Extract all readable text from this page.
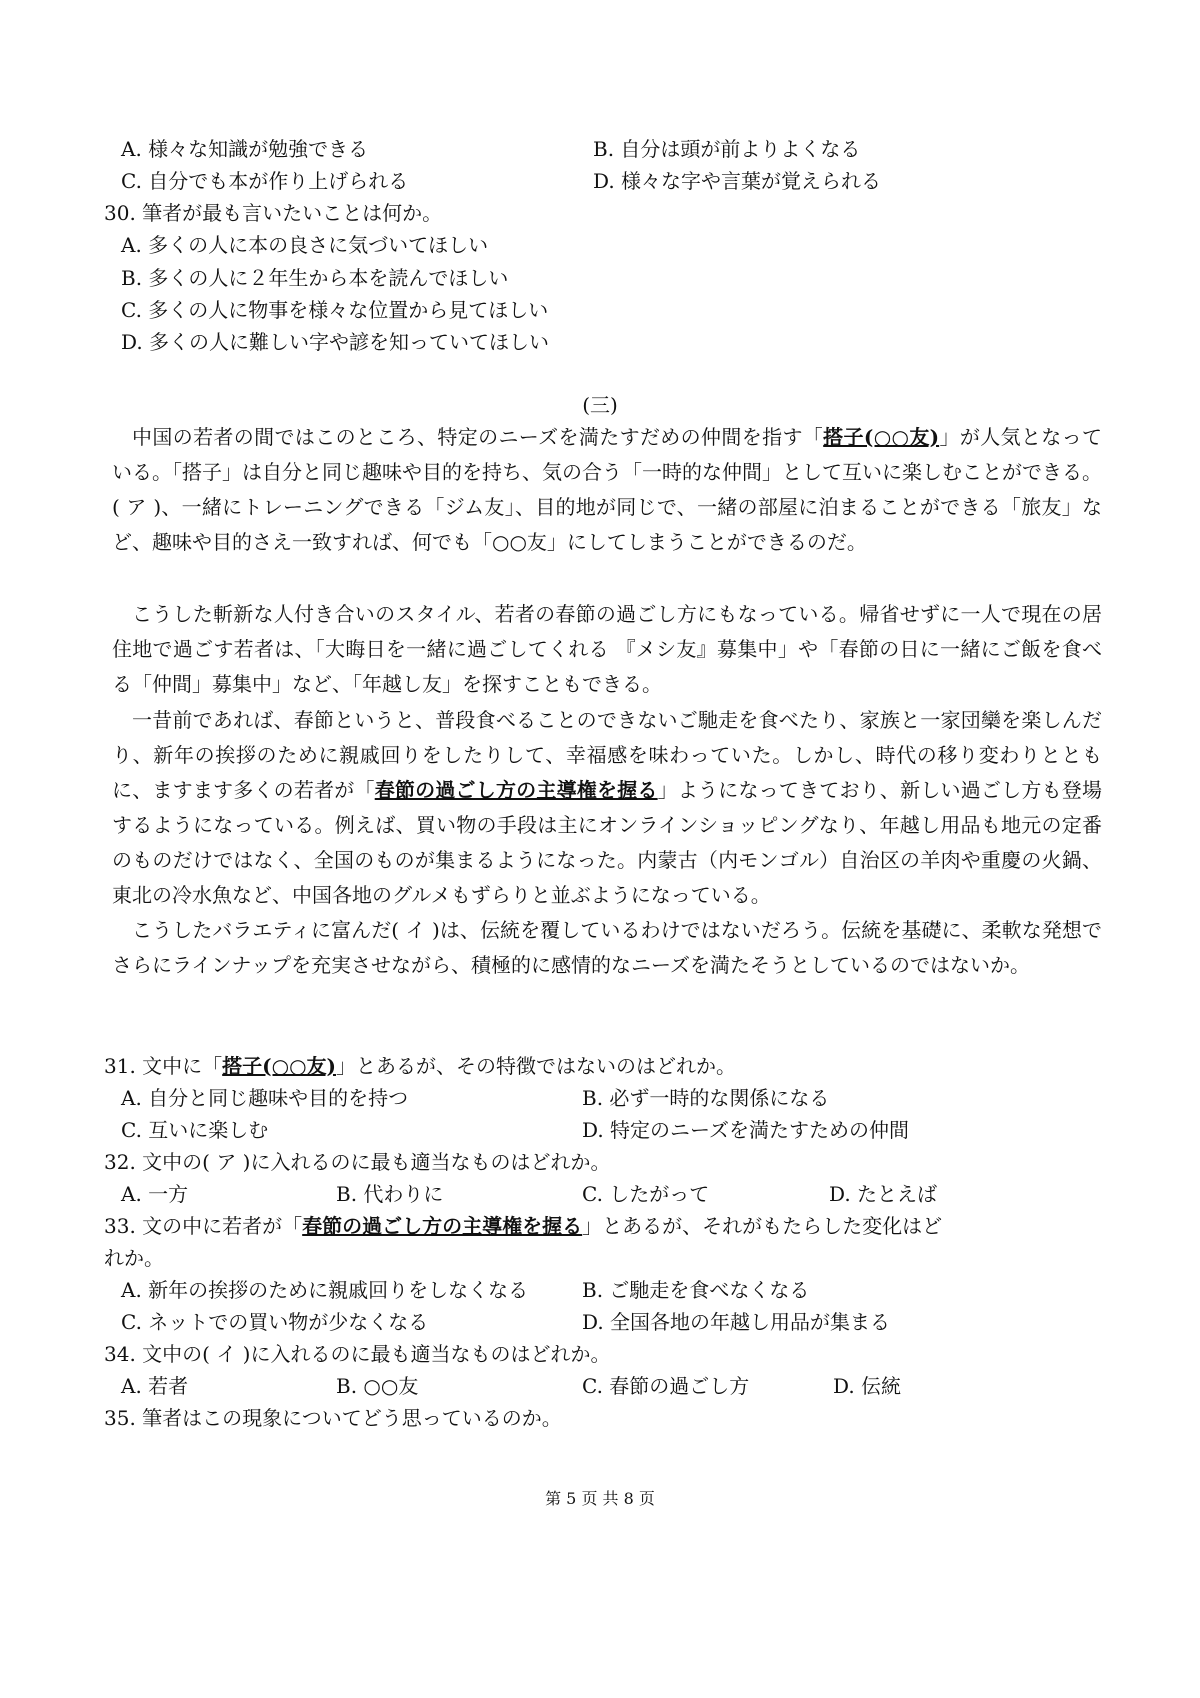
A. 様々な知識が勉強できる	B. 自分は頭が前よりよくなる
C. 自分でも本が作り上げられる	D. 様々な字や言葉が覚えられる
30. 筆者が最も言いたいことは何か。
A. 多くの人に本の良さに気づいてほしい
B. 多くの人に２年生から本を読んでほしい
C. 多くの人に物事を様々な位置から見てほしい
D. 多くの人に難しい字や諺を知っていてほしい
(三)
中国の若者の間ではこのところ、特定のニーズを満たすだめの仲間を指す「搭子(○○友)」が人気となっている。「搭子」は自分と同じ趣味や目的を持ち、気の合う「一時的な仲間」として互いに楽しむことができる。( ア )、一緒にトレーニングできる「ジム友」、目的地が同じで、一緒の部屋に泊まることができる「旅友」など、趣味や目的さえ一致すれば、何でも「○○友」にしてしまうことができるのだ。
こうした斬新な人付き合いのスタイル、若者の春節の過ごし方にもなっている。帰省せずに一人で現在の居住地で過ごす若者は、「大晦日を一緒に過ごしてくれる 『メシ友』募集中」や「春節の日に一緒にご飯を食べる「仲間」募集中」など、「年越し友」を探すこともできる。
一昔前であれば、春節というと、普段食べることのできないご馳走を食べたり、家族と一家団欒を楽しんだり、新年の挨拶のために親戚回りをしたりして、幸福感を味わっていた。しかし、時代の移り変わりとともに、ますます多くの若者が「春節の過ごし方の主導権を握る」ようになってきており、新しい過ごし方も登場するようになっている。例えば、買い物の手段は主にオンラインショッピングなり、年越し用品も地元の定番のものだけではなく、全国のものが集まるようになった。内蒙古（内モンゴル）自治区の羊肉や重慶の火鍋、東北の冷水魚など、中国各地のグルメもずらりと並ぶようになっている。
こうしたバラエティに富んだ( イ )は、伝統を覆しているわけではないだろう。伝統を基礎に、柔軟な発想でさらにラインナップを充実させながら、積極的に感情的なニーズを満たそうとしているのではないか。
31. 文中に「搭子(○○友)」とあるが、その特徴ではないのはどれか。
A. 自分と同じ趣味や目的を持つ	B. 必ず一時的な関係になる
C. 互いに楽しむ	D. 特定のニーズを満たすための仲間
32. 文中の( ア )に入れるのに最も適当なものはどれか。
A. 一方	B. 代わりに	C. したがって	D. たとえば
33. 文の中に若者が「春節の過ごし方の主導権を握る」とあるが、それがもたらした変化はど
れか。
A. 新年の挨拶のために親戚回りをしなくなる	B. ご馳走を食べなくなる
C. ネットでの買い物が少なくなる	D. 全国各地の年越し用品が集まる
34. 文中の( イ )に入れるのに最も適当なものはどれか。
A. 若者	B. ○○友	C. 春節の過ごし方	D. 伝統
35. 筆者はこの現象についてどう思っているのか。
第 5 页 共 8 页
